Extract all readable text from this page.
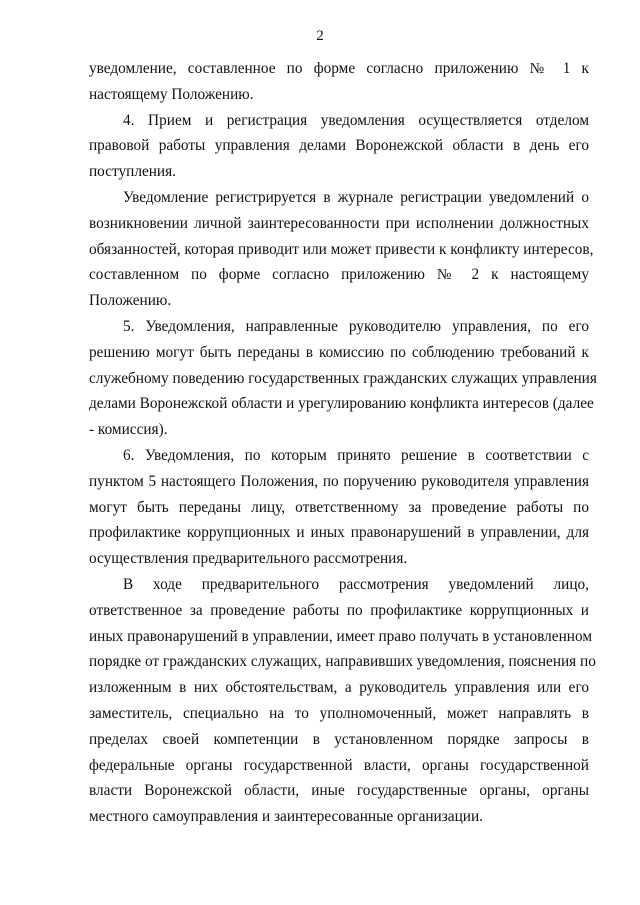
2

уведомление, составленное по форме согласно приложению № 1 к
настоящему Положению.

4. Прием и регистрация уведомления осуществляется отделом
правовой работы управления делами Воронежской области в день его
поступления.

Уведомление регистрируется в журнале регистрации уведомлений о
возникновении личной заинтересованности при исполнении должностных
обязанностей, которая приводит или может привести к конфликту интересов,
составленном по форме согласно приложению № 2 к настоящему
Положению.

5. Уведомления, направленные руководителю управления, по его
решению могут быть переданы в комиссию по соблюдению требований к
служебному поведению государственных гражданских служащих управления
делами Воронежской области и урегулированию конфликта интересов (далее
- комиссия).

6. Уведомления, по которым принято решение в соответствии с
пунктом 5 настоящего Положения, по поручению руководителя управления
могут быть переданы лицу, ответственному за проведение работы по
профилактике коррупционных и иных правонарушений в управлении, для
осуществления предварительного рассмотрения.

В ходе предварительного рассмотрения уведомлений лицо,
ответственное за проведение работы по профилактике коррупционных и
иных правонарушений в управлении, имеет право получать в установленном
порядке от гражданских служащих, направивших уведомления, пояснения по
изложенным в них обстоятельствам, а руководитель управления или его
заместитель, специально на то уполномоченный, может направлять в
пределах своей компетенции в установленном порядке запросы в
федеральные органы государственной власти, органы государственной
власти Воронежской области, иные государственные органы, органы
местного самоуправления и заинтересованные организации.
